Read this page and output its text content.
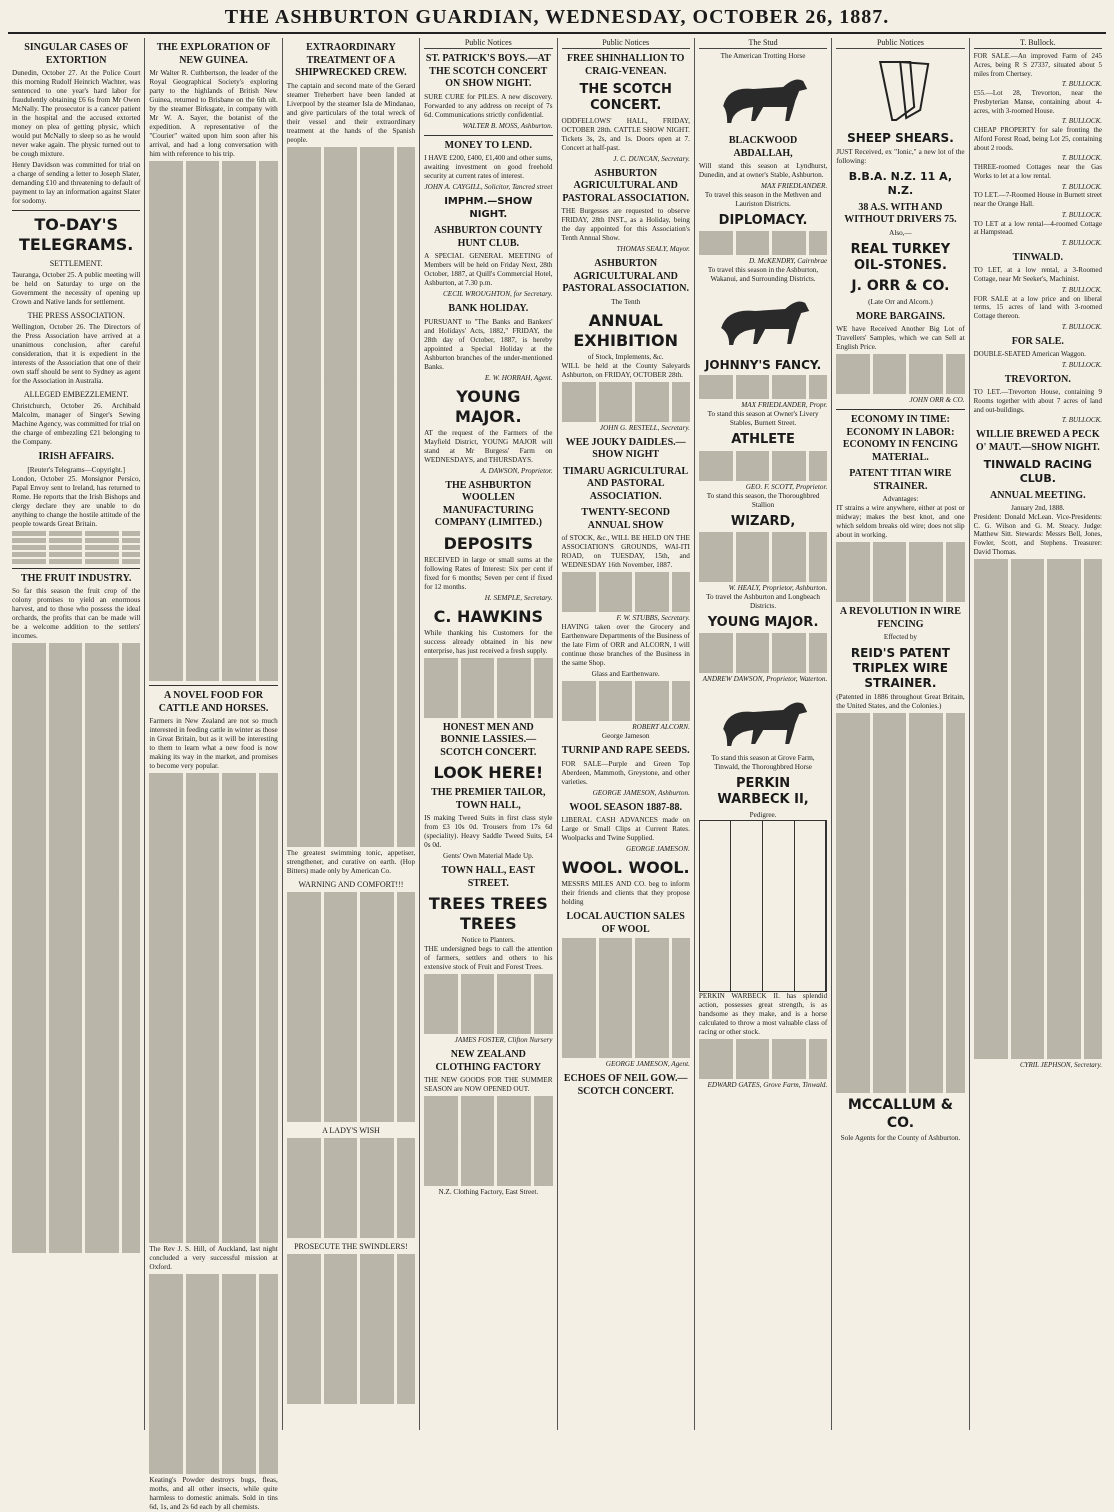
THE ASHBURTON GUARDIAN, WEDNESDAY, OCTOBER 26, 1887.
SINGULAR CASES OF EXTORTION

Dunedin, October 27. At the Police Court this morning Rudolf Heinrich Wachter, was sentenced to one year's hard labor for fraudulently obtaining £6 6s from Mr Owen McNally. The prosecutor is a cancer patient in the hospital and the accused extorted money on plea of getting physic, which would put McNally to sleep so as he would never wake again. The physic turned out to be cough mixture.

Henry Davidson was committed for trial on a charge of sending a letter to Joseph Slater, demanding £10 and threatening to default of payment to lay an information against Slater for sodomy.

TO-DAY'S TELEGRAMS.
SETTLEMENT.

Tauranga, October 25. A public meeting will be held on Saturday to urge on the Government the necessity of opening up Crown and Native lands for settlement.

THE PRESS ASSOCIATION.

Wellington, October 26. The Directors of the Press Association have arrived at a unanimous conclusion, after careful consideration, that it is expedient in the interests of the Association that one of their own staff should be sent to Sydney as agent for the Association in Australia.

ALLEGED EMBEZZLEMENT.

Christchurch, October 26. Archibald Malcolm, manager of Singer's Sewing Machine Agency, was committed for trial on the charge of embezzling £21 belonging to the Company.

IRISH AFFAIRS.
[Reuter's Telegrams—Copyright.]

London, October 25. Monsignor Persico, Papal Envoy sent to Ireland, has returned to Rome. He reports that the Irish Bishops and clergy declare they are unable to do anything to change the hostile attitude of the people towards Great Britain.

THE FRUIT INDUSTRY.

So far this season the fruit crop of the colony promises to yield an enormous harvest, and to those who possess the ideal orchards, the profits that can be made will be a welcome addition to the settlers' incomes.

THE EXPLORATION OF NEW GUINEA.

Mr Walter R. Cuthbertson, the leader of the Royal Geographical Society's exploring party to the highlands of British New Guinea, returned to Brisbane on the 6th ult. by the steamer Birksgate, in company with Mr W. A. Sayer, the botanist of the expedition. A representative of the "Courier" waited upon him soon after his arrival, and had a long conversation with him with reference to his trip.

A NOVEL FOOD FOR CATTLE AND HORSES.

Farmers in New Zealand are not so much interested in feeding cattle in winter as those in Great Britain, but as it will be interesting to them to learn what a new food is now making its way in the market, and promises to become very popular.

The Rev J. S. Hill, of Auckland, last night concluded a very successful mission at Oxford.

Keating's Powder destroys bugs, fleas, moths, and all other insects, while quite harmless to domestic animals. Sold in tins 6d, 1s, and 2s 6d each by all chemists.

EXTRAORDINARY TREATMENT OF A SHIPWRECKED CREW.

The captain and second mate of the Gerard steamer Treherbert have been landed at Liverpool by the steamer Isla de Mindanao, and give particulars of the total wreck of their vessel and their extraordinary treatment at the hands of the Spanish people.

The greatest swimming tonic, appetiser, strengthener, and curative on earth. (Hop Bitters) made only by American Co.

WARNING AND COMFORT!!!
A LADY'S WISH
PROSECUTE THE SWINDLERS!
Public Notices
ST. PATRICK'S BOYS.—AT THE SCOTCH CONCERT ON SHOW NIGHT.

SURE CURE for PILES. A new discovery. Forwarded to any address on receipt of 7s 6d. Communications strictly confidential.

WALTER B. MOSS, Ashburton.
MONEY TO LEND.

I HAVE £200, £400, £1,400 and other sums, awaiting investment on good freehold security at current rates of interest.

JOHN A. CAYGILL, Solicitor, Tancred street
IMPHM.—SHOW NIGHT.
ASHBURTON COUNTY HUNT CLUB.

A SPECIAL GENERAL MEETING of Members will be held on Friday Next, 28th October, 1887, at Quill's Commercial Hotel, Ashburton, at 7.30 p.m.

CECIL WROUGHTON, for Secretary.
BANK HOLIDAY.

PURSUANT to "The Banks and Bankers' and Holidays' Acts, 1882," FRIDAY, the 28th day of October, 1887, is hereby appointed a Special Holiday at the Ashburton branches of the under-mentioned Banks.

E. W. HORRAH, Agent.
YOUNG MAJOR.

AT the request of the Farmers of the Mayfield District, YOUNG MAJOR will stand at Mr Burgess' Farm on WEDNESDAYS, and THURSDAYS.

A. DAWSON, Proprietor.
THE ASHBURTON WOOLLEN MANUFACTURING COMPANY (LIMITED.)
DEPOSITS

RECEIVED in large or small sums at the following Rates of Interest: Six per cent if fixed for 6 months; Seven per cent if fixed for 12 months.

H. SEMPLE, Secretary.
C. HAWKINS

While thanking his Customers for the success already obtained in his new enterprise, has just received a fresh supply.

HONEST MEN AND BONNIE LASSIES.—SCOTCH CONCERT.
LOOK HERE!
THE PREMIER TAILOR, TOWN HALL,

IS making Tweed Suits in first class style from £3 10s 0d. Trousers from 17s 6d (speciality). Heavy Saddle Tweed Suits, £4 0s 0d.

Gents' Own Material Made Up.
TOWN HALL, EAST STREET.
TREES TREES TREES
Notice to Planters.

THE undersigned begs to call the attention of farmers, settlers and others to his extensive stock of Fruit and Forest Trees.

JAMES FOSTER, Clifton Nursery
NEW ZEALAND CLOTHING FACTORY

THE NEW GOODS FOR THE SUMMER SEASON are NOW OPENED OUT.

N.Z. Clothing Factory, East Street.
Public Notices
FREE SHINHALLION TO CRAIG-VENEAN.
THE SCOTCH CONCERT.

ODDFELLOWS' HALL, FRIDAY, OCTOBER 28th. CATTLE SHOW NIGHT. Tickets 3s, 2s, and 1s. Doors open at 7. Concert at half-past.

J. C. DUNCAN, Secretary.
ASHBURTON AGRICULTURAL AND PASTORAL ASSOCIATION.

THE Burgesses are requested to observe FRIDAY, 28th INST., as a Holiday, being the day appointed for this Association's Tenth Annual Show.

THOMAS SEALY, Mayor.
ASHBURTON AGRICULTURAL AND PASTORAL ASSOCIATION.
The Tenth
ANNUAL EXHIBITION
of Stock, Implements, &c.

WILL be held at the County Saleyards Ashburton, on FRIDAY, OCTOBER 28th.

JOHN G. RESTELL, Secretary.
WEE JOUKY DAIDLES.—SHOW NIGHT
TIMARU AGRICULTURAL AND PASTORAL ASSOCIATION.
TWENTY-SECOND ANNUAL SHOW

of STOCK, &c., WILL BE HELD ON THE ASSOCIATION'S GROUNDS, WAI-ITI ROAD, on TUESDAY, 15th, and WEDNESDAY 16th November, 1887.

F. W. STUBBS, Secretary.

HAVING taken over the Grocery and Earthenware Departments of the Business of the late Firm of ORR and ALCORN, I will continue those branches of the Business in the same Shop.

Glass and Earthenware.
ROBERT ALCORN.
George Jameson
TURNIP AND RAPE SEEDS.

FOR SALE—Purple and Green Top Aberdeen, Mammoth, Greystone, and other varieties.

GEORGE JAMESON, Ashburton.
WOOL SEASON 1887-88.

LIBERAL CASH ADVANCES made on Large or Small Clips at Current Rates. Woolpacks and Twine Supplied.

GEORGE JAMESON.
WOOL. WOOL.

MESSRS MILES AND CO. beg to inform their friends and clients that they propose holding

LOCAL AUCTION SALES OF WOOL
GEORGE JAMESON, Agent.
ECHOES OF NEIL GOW.—SCOTCH CONCERT.
The Stud
The American Trotting Horse
BLACKWOOD ABDALLAH,

Will stand this season at Lyndhurst, Dunedin, and at owner's Stable, Ashburton.

MAX FRIEDLANDER.
To travel this season in the Methven and Lauriston Districts.
DIPLOMACY.
D. McKENDRY, Cairnbrae
To travel this season in the Ashburton, Wakanui, and Surrounding Districts.
JOHNNY'S FANCY.
MAX FRIEDLANDER, Propr.
To stand this season at Owner's Livery Stables, Burnett Street.
ATHLETE
GEO. F. SCOTT, Proprietor.
To stand this season, the Thoroughbred Stallion
WIZARD,
W. HEALY, Proprietor, Ashburton.
To travel the Ashburton and Longbeach Districts.
YOUNG MAJOR.
ANDREW DAWSON, Proprietor, Waterton.
To stand this season at Grove Farm, Tinwald, the Thoroughbred Horse
PERKIN WARBECK II,
Pedigree.

PERKIN WARBECK II. has splendid action, possesses great strength, is as handsome as they make, and is a horse calculated to throw a most valuable class of racing or other stock.

EDWARD GATES, Grove Farm, Tinwald.
Public Notices
SHEEP SHEARS.

JUST Received, ex "Ionic," a new lot of the following:

B.B.A. N.Z. 11 A, N.Z.
38 A.S. WITH AND WITHOUT DRIVERS 75.
Also,—
REAL TURKEY OIL-STONES.
J. ORR & CO.
(Late Orr and Alcorn.)
MORE BARGAINS.

WE have Received Another Big Lot of Travellers' Samples, which we can Sell at English Price.

JOHN ORR & CO.
ECONOMY IN TIME: ECONOMY IN LABOR: ECONOMY IN FENCING MATERIAL.
PATENT TITAN WIRE STRAINER.
Advantages:

IT strains a wire anywhere, either at post or midway; makes the best knot, and one which seldom breaks old wire; does not slip about in working.

A REVOLUTION IN WIRE FENCING
Effected by
REID'S PATENT TRIPLEX WIRE STRAINER.

(Patented in 1886 throughout Great Britain, the United States, and the Colonies.)

MCCALLUM & CO.
Sole Agents for the County of Ashburton.
T. Bullock.

FOR SALE.—An improved Farm of 245 Acres, being R S 27337, situated about 5 miles from Chertsey.

T. BULLOCK.

£55.—Lot 28, Trevorton, near the Presbyterian Manse, containing about 4-acres, with 3-roomed House.

T. BULLOCK.

CHEAP PROPERTY for sale fronting the Alford Forest Road, being Lot 25, containing about 2 roods.

T. BULLOCK.

THREE-roomed Cottages near the Gas Works to let at a low rental.

T. BULLOCK.

TO LET.—7-Roomed House in Burnett street near the Orange Hall.

T. BULLOCK.

TO LET at a low rental—4-roomed Cottage at Hampstead.

T. BULLOCK.
TINWALD.

TO LET, at a low rental, a 3-Roomed Cottage, near Mr Seeker's, Machinist.

T. BULLOCK.

FOR SALE at a low price and on liberal terms, 15 acres of land with 3-roomed Cottage thereon.

T. BULLOCK.
FOR SALE.

DOUBLE-SEATED American Waggon.

T. BULLOCK.
TREVORTON.

TO LET.—Trevorton House, containing 9 Rooms together with about 7 acres of land and out-buildings.

T. BULLOCK.
WILLIE BREWED A PECK O' MAUT.—SHOW NIGHT.
TINWALD RACING CLUB.
ANNUAL MEETING.
January 2nd, 1888.

President: Donald McLean. Vice-Presidents: C. G. Wilson and G. M. Steacy. Judge: Matthew Sitt. Stewards: Messrs Bell, Jones, Fowler, Scott, and Stephens. Treasurer: David Thomas.

CYRIL JEPHSON, Secretary.
